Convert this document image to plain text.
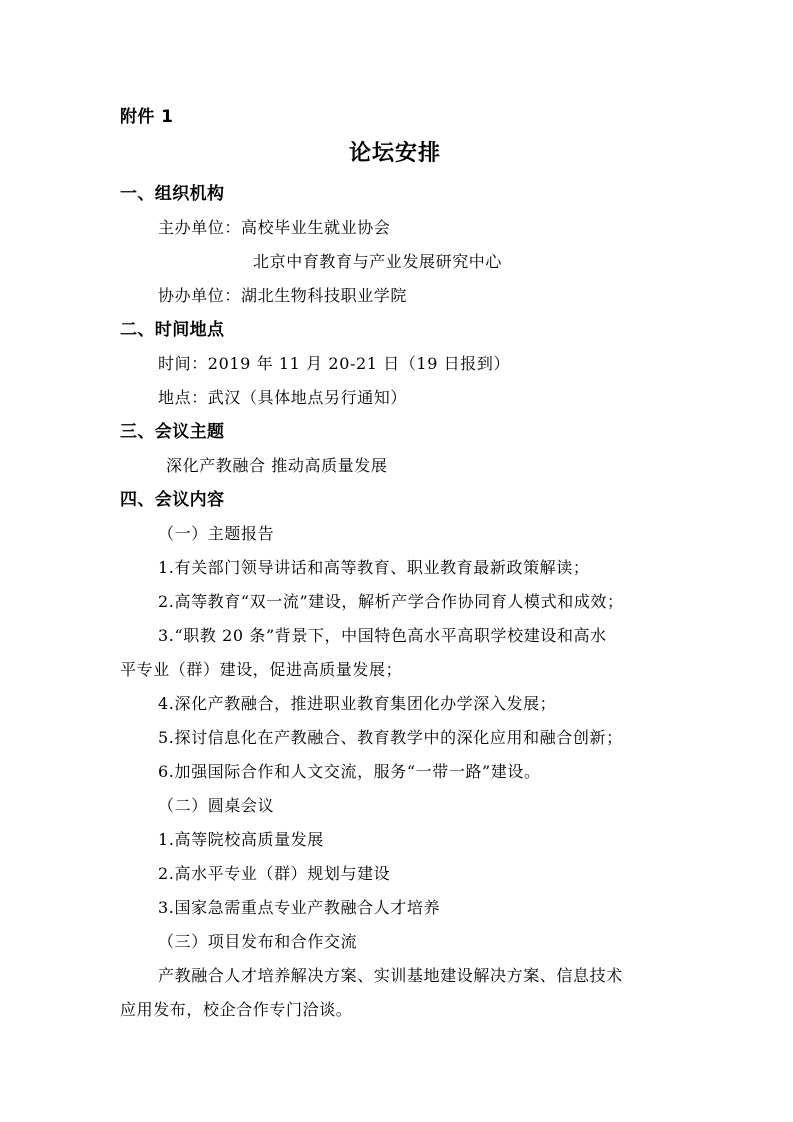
附件 1
论坛安排
一、组织机构
主办单位：高校毕业生就业协会
北京中育教育与产业发展研究中心
协办单位：湖北生物科技职业学院
二、时间地点
时间：2019 年 11 月 20-21 日（19 日报到）
地点：武汉（具体地点另行通知）
三、会议主题
深化产教融合 推动高质量发展
四、会议内容
（一）主题报告
1.有关部门领导讲话和高等教育、职业教育最新政策解读；
2.高等教育“双一流”建设，解析产学合作协同育人模式和成效；
3.“职教 20 条”背景下，中国特色高水平高职学校建设和高水
平专业（群）建设，促进高质量发展；
4.深化产教融合，推进职业教育集团化办学深入发展；
5.探讨信息化在产教融合、教育教学中的深化应用和融合创新；
6.加强国际合作和人文交流，服务“一带一路”建设。
（二）圆桌会议
1.高等院校高质量发展
2.高水平专业（群）规划与建设
3.国家急需重点专业产教融合人才培养
（三）项目发布和合作交流
产教融合人才培养解决方案、实训基地建设解决方案、信息技术
应用发布，校企合作专门洽谈。
